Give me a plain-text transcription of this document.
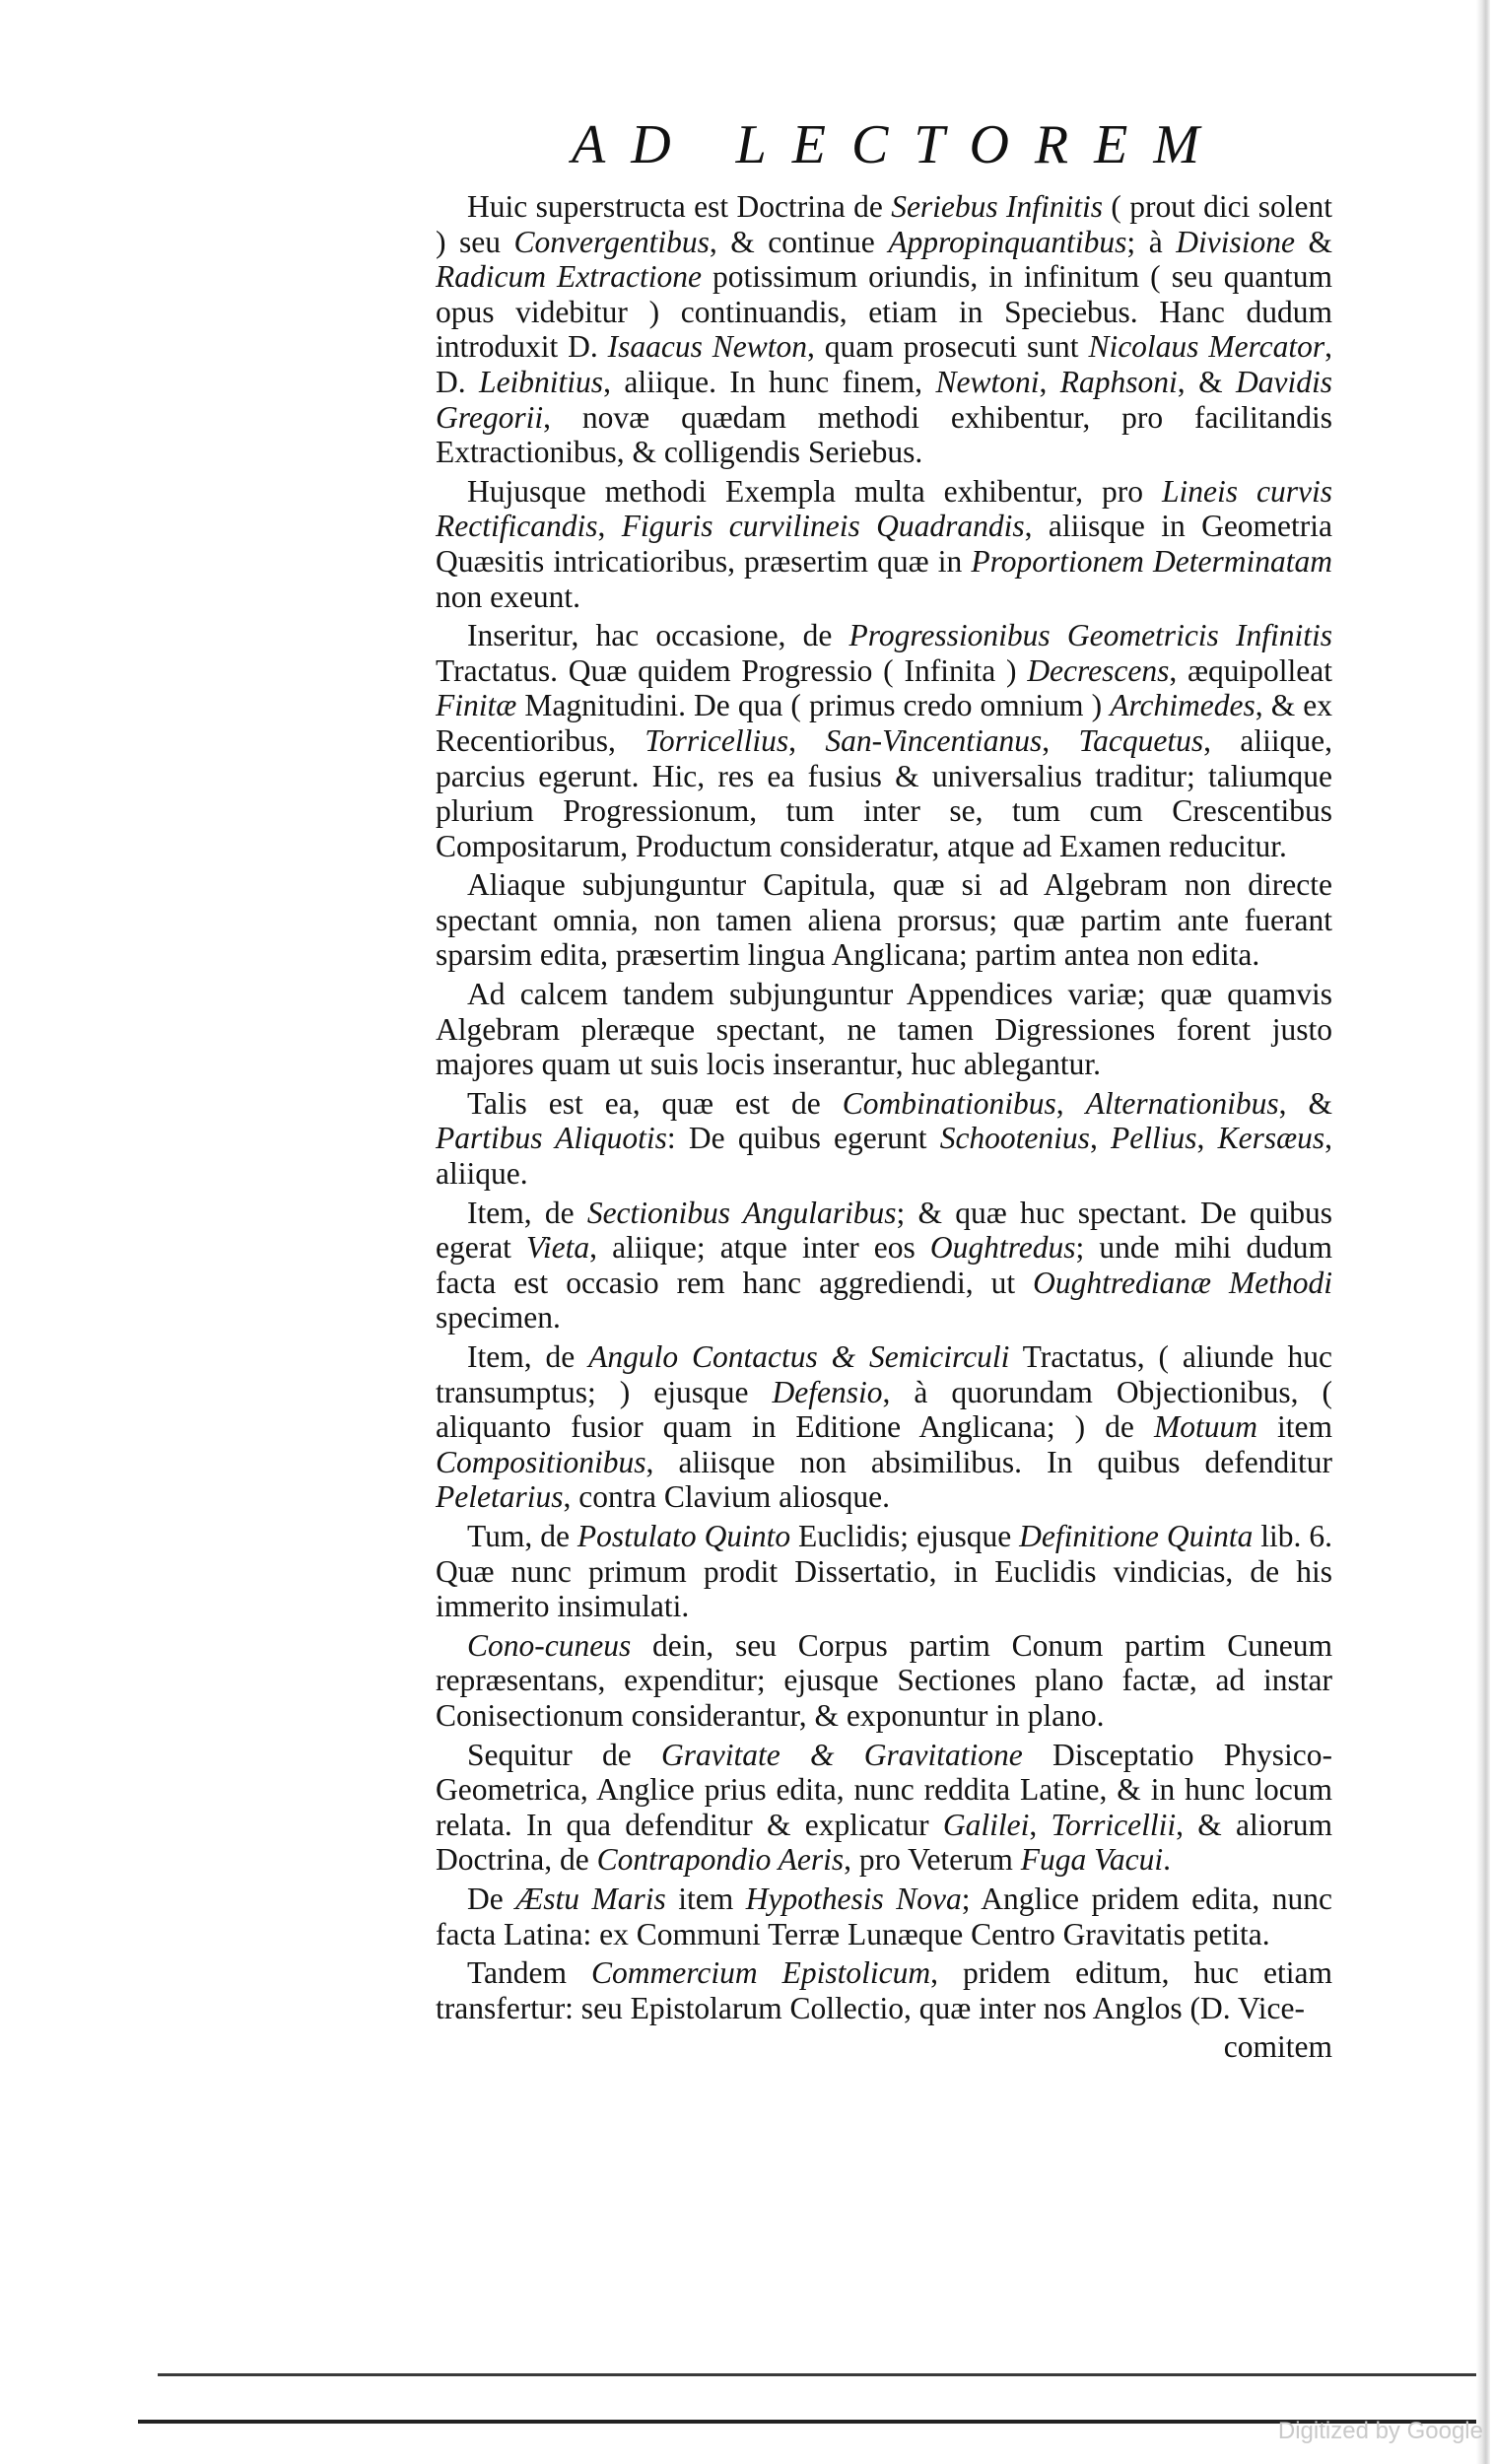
AD LECTOREM

Huic superstructa est Doctrina de Seriebus Infinitis ( prout dici solent ) seu Convergentibus, & continue Appropinquantibus; à Divisione & Radicum Extractione potissimum oriundis, in infinitum ( seu quantum opus videbitur ) continuandis, etiam in Speciebus. Hanc dudum introduxit D. Isaacus Newton, quam prosecuti sunt Nicolaus Mercator, D. Leibnitius, aliique. In hunc finem, Newtoni, Raphsoni, & Davidis Gregorii, novæ quædam methodi exhibentur, pro facilitandis Extractionibus, & colligendis Seriebus.

Hujusque methodi Exempla multa exhibentur, pro Lineis curvis Rectificandis, Figuris curvilineis Quadrandis, aliisque in Geometria Quæsitis intricatioribus, præsertim quæ in Proportionem Determinatam non exeunt.

Inseritur, hac occasione, de Progressionibus Geometricis Infinitis Tractatus. Quæ quidem Progressio ( Infinita ) Decrescens, æquipolleat Finitæ Magnitudini. De qua ( primus credo omnium ) Archimedes, & ex Recentioribus, Torricellius, San-Vincentianus, Tacquetus, aliique, parcius egerunt. Hic, res ea fusius & universalius traditur; taliumque plurium Progressionum, tum inter se, tum cum Crescentibus Compositarum, Productum consideratur, atque ad Examen reducitur.

Aliaque subjunguntur Capitula, quæ si ad Algebram non directe spectant omnia, non tamen aliena prorsus; quæ partim ante fuerant sparsim edita, præsertim lingua Anglicana; partim antea non edita.

Ad calcem tandem subjunguntur Appendices variæ; quæ quamvis Algebram pleræque spectant, ne tamen Digressiones forent justo majores quam ut suis locis inserantur, huc ablegantur.

Talis est ea, quæ est de Combinationibus, Alternationibus, & Partibus Aliquotis: De quibus egerunt Schootenius, Pellius, Kersæus, aliique.

Item, de Sectionibus Angularibus; & quæ huc spectant. De quibus egerat Vieta, aliique; atque inter eos Oughtredus; unde mihi dudum facta est occasio rem hanc aggrediendi, ut Oughtredianæ Methodi specimen.

Item, de Angulo Contactus & Semicirculi Tractatus, ( aliunde huc transumptus; ) ejusque Defensio, à quorundam Objectionibus, ( aliquanto fusior quam in Editione Anglicana; ) de Motuum item Compositionibus, aliisque non absimilibus. In quibus defenditur Peletarius, contra Clavium aliosque.

Tum, de Postulato Quinto Euclidis; ejusque Definitione Quinta lib. 6. Quæ nunc primum prodit Dissertatio, in Euclidis vindicias, de his immerito insimulati.

Cono-cuneus dein, seu Corpus partim Conum partim Cuneum repræsentans, expenditur; ejusque Sectiones plano factæ, ad instar Conisectionum considerantur, & exponuntur in plano.

Sequitur de Gravitate & Gravitatione Disceptatio Physico-Geometrica, Anglice prius edita, nunc reddita Latine, & in hunc locum relata. In qua defenditur & explicatur Galilei, Torricellii, & aliorum Doctrina, de Contrapondio Aeris, pro Veterum Fuga Vacui.

De Æstu Maris item Hypothesis Nova; Anglice pridem edita, nunc facta Latina: ex Communi Terræ Lunæque Centro Gravitatis petita.

Tandem Commercium Epistolicum, pridem editum, huc etiam transfertur: seu Epistolarum Collectio, quæ inter nos Anglos (D. Vice-

comitem

Digitized by Google
